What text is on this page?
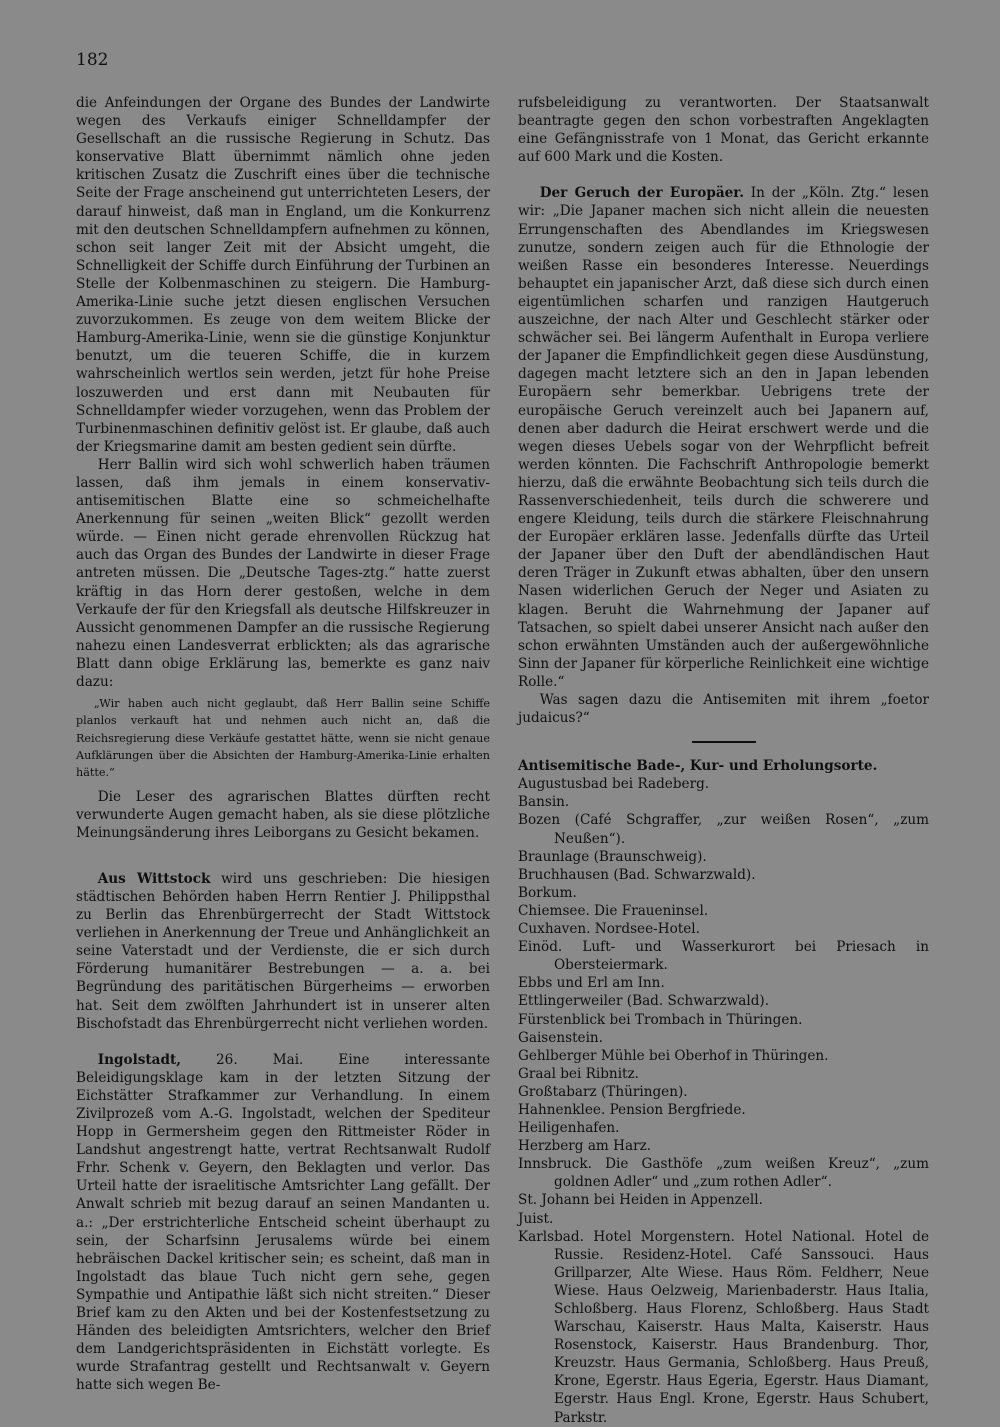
182

die Anfeindungen der Organe des Bundes der Landwirte wegen des Verkaufs einiger Schnelldampfer der Gesellschaft an die russische Regierung in Schutz. Das konservative Blatt übernimmt nämlich ohne jeden kritischen Zusatz die Zuschrift eines über die technische Seite der Frage anscheinend gut unterrichteten Lesers, der darauf hinweist, daß man in England, um die Konkurrenz mit den deutschen Schnelldampfern aufnehmen zu können, schon seit langer Zeit mit der Absicht umgeht, die Schnelligkeit der Schiffe durch Einführung der Turbinen an Stelle der Kolbenmaschinen zu steigern. Die Hamburg-Amerika-Linie suche jetzt diesen englischen Versuchen zuvorzukommen. Es zeuge von dem weitem Blicke der Hamburg-Amerika-Linie, wenn sie die günstige Konjunktur benutzt, um die teueren Schiffe, die in kurzem wahrscheinlich wertlos sein werden, jetzt für hohe Preise loszuwerden und erst dann mit Neubauten für Schnelldampfer wieder vorzugehen, wenn das Problem der Turbinenmaschinen definitiv gelöst ist. Er glaube, daß auch der Kriegsmarine damit am besten gedient sein dürfte.

Herr Ballin wird sich wohl schwerlich haben träumen lassen, daß ihm jemals in einem konservativ-antisemitischen Blatte eine so schmeichelhafte Anerkennung für seinen „weiten Blick“ gezollt werden würde. — Einen nicht gerade ehrenvollen Rückzug hat auch das Organ des Bundes der Landwirte in dieser Frage antreten müssen. Die „Deutsche Tages-ztg.“ hatte zuerst kräftig in das Horn derer gestoßen, welche in dem Verkaufe der für den Kriegsfall als deutsche Hilfskreuzer in Aussicht genommenen Dampfer an die russische Regierung nahezu einen Landesverrat erblickten; als das agrarische Blatt dann obige Erklärung las, bemerkte es ganz naiv dazu:

„Wir haben auch nicht geglaubt, daß Herr Ballin seine Schiffe planlos verkauft hat und nehmen auch nicht an, daß die Reichsregierung diese Verkäufe gestattet hätte, wenn sie nicht genaue Aufklärungen über die Absichten der Hamburg-Amerika-Linie erhalten hätte.“

Die Leser des agrarischen Blattes dürften recht verwunderte Augen gemacht haben, als sie diese plötzliche Meinungsänderung ihres Leiborgans zu Gesicht bekamen.

Aus Wittstock wird uns geschrieben: Die hiesigen städtischen Behörden haben Herrn Rentier J. Philippsthal zu Berlin das Ehrenbürgerrecht der Stadt Wittstock verliehen in Anerkennung der Treue und Anhänglichkeit an seine Vaterstadt und der Verdienste, die er sich durch Förderung humanitärer Bestrebungen — a. a. bei Begründung des paritätischen Bürgerheims — erworben hat. Seit dem zwölften Jahrhundert ist in unserer alten Bischofstadt das Ehrenbürgerrecht nicht verliehen worden.

Ingolstadt, 26. Mai. Eine interessante Beleidigungsklage kam in der letzten Sitzung der Eichstätter Strafkammer zur Verhandlung. In einem Zivilprozeß vom A.-G. Ingolstadt, welchen der Spediteur Hopp in Germersheim gegen den Rittmeister Röder in Landshut angestrengt hatte, vertrat Rechtsanwalt Rudolf Frhr. Schenk v. Geyern, den Beklagten und verlor. Das Urteil hatte der israelitische Amtsrichter Lang gefällt. Der Anwalt schrieb mit bezug darauf an seinen Mandanten u. a.: „Der erstrichterliche Entscheid scheint überhaupt zu sein, der Scharfsinn Jerusalems würde bei einem hebräischen Dackel kritischer sein; es scheint, daß man in Ingolstadt das blaue Tuch nicht gern sehe, gegen Sympathie und Antipathie läßt sich nicht streiten.“ Dieser Brief kam zu den Akten und bei der Kostenfestsetzung zu Händen des beleidigten Amtsrichters, welcher den Brief dem Landgerichtspräsidenten in Eichstätt vorlegte. Es wurde Strafantrag gestellt und Rechtsanwalt v. Geyern hatte sich wegen Be-

rufsbeleidigung zu verantworten. Der Staatsanwalt beantragte gegen den schon vorbestraften Angeklagten eine Gefängnisstrafe von 1 Monat, das Gericht erkannte auf 600 Mark und die Kosten.

Der Geruch der Europäer. In der „Köln. Ztg.“ lesen wir: „Die Japaner machen sich nicht allein die neuesten Errungenschaften des Abendlandes im Kriegswesen zunutze, sondern zeigen auch für die Ethnologie der weißen Rasse ein besonderes Interesse. Neuerdings behauptet ein japanischer Arzt, daß diese sich durch einen eigentümlichen scharfen und ranzigen Hautgeruch auszeichne, der nach Alter und Geschlecht stärker oder schwächer sei. Bei längerm Aufenthalt in Europa verliere der Japaner die Empfindlichkeit gegen diese Ausdünstung, dagegen macht letztere sich an den in Japan lebenden Europäern sehr bemerkbar. Uebrigens trete der europäische Geruch vereinzelt auch bei Japanern auf, denen aber dadurch die Heirat erschwert werde und die wegen dieses Uebels sogar von der Wehrpflicht befreit werden könnten. Die Fachschrift Anthropologie bemerkt hierzu, daß die erwähnte Beobachtung sich teils durch die Rassenverschiedenheit, teils durch die schwerere und engere Kleidung, teils durch die stärkere Fleischnahrung der Europäer erklären lasse. Jedenfalls dürfte das Urteil der Japaner über den Duft der abendländischen Haut deren Träger in Zukunft etwas abhalten, über den unsern Nasen widerlichen Geruch der Neger und Asiaten zu klagen. Beruht die Wahrnehmung der Japaner auf Tatsachen, so spielt dabei unserer Ansicht nach außer den schon erwähnten Umständen auch der außergewöhnliche Sinn der Japaner für körperliche Reinlichkeit eine wichtige Rolle.“

Was sagen dazu die Antisemiten mit ihrem „foetor judaicus?“

Antisemitische Bade-, Kur- und Erholungsorte.

Augustusbad bei Radeberg.
Bansin.
Bozen (Café Schgraffer, „zur weißen Rosen“, „zum Neußen“).
Braunlage (Braunschweig).
Bruchhausen (Bad. Schwarzwald).
Borkum.
Chiemsee. Die Fraueninsel.
Cuxhaven. Nordsee-Hotel.
Einöd. Luft- und Wasserkurort bei Priesach in Obersteiermark.
Ebbs und Erl am Inn.
Ettlingerweiler (Bad. Schwarzwald).
Fürstenblick bei Trombach in Thüringen.
Gaisenstein.
Gehlberger Mühle bei Oberhof in Thüringen.
Graal bei Ribnitz.
Großtabarz (Thüringen).
Hahnenklee. Pension Bergfriede.
Heiligenhafen.
Herzberg am Harz.
Innsbruck. Die Gasthöfe „zum weißen Kreuz“, „zum goldnen Adler“ und „zum rothen Adler“.
St. Johann bei Heiden in Appenzell.
Juist.
Karlsbad. Hotel Morgenstern. Hotel National. Hotel de Russie. Residenz-Hotel. Café Sanssouci. Haus Grillparzer, Alte Wiese. Haus Röm. Feldherr, Neue Wiese. Haus Oelzweig, Marienbaderstr. Haus Italia, Schloßberg. Haus Florenz, Schloßberg. Haus Stadt Warschau, Kaiserstr. Haus Malta, Kaiserstr. Haus Rosenstock, Kaiserstr. Haus Brandenburg. Thor, Kreuzstr. Haus Germania, Schloßberg. Haus Preuß, Krone, Egerstr. Haus Egeria, Egerstr. Haus Diamant, Egerstr. Haus Engl. Krone, Egerstr. Haus Schubert, Parkstr.
